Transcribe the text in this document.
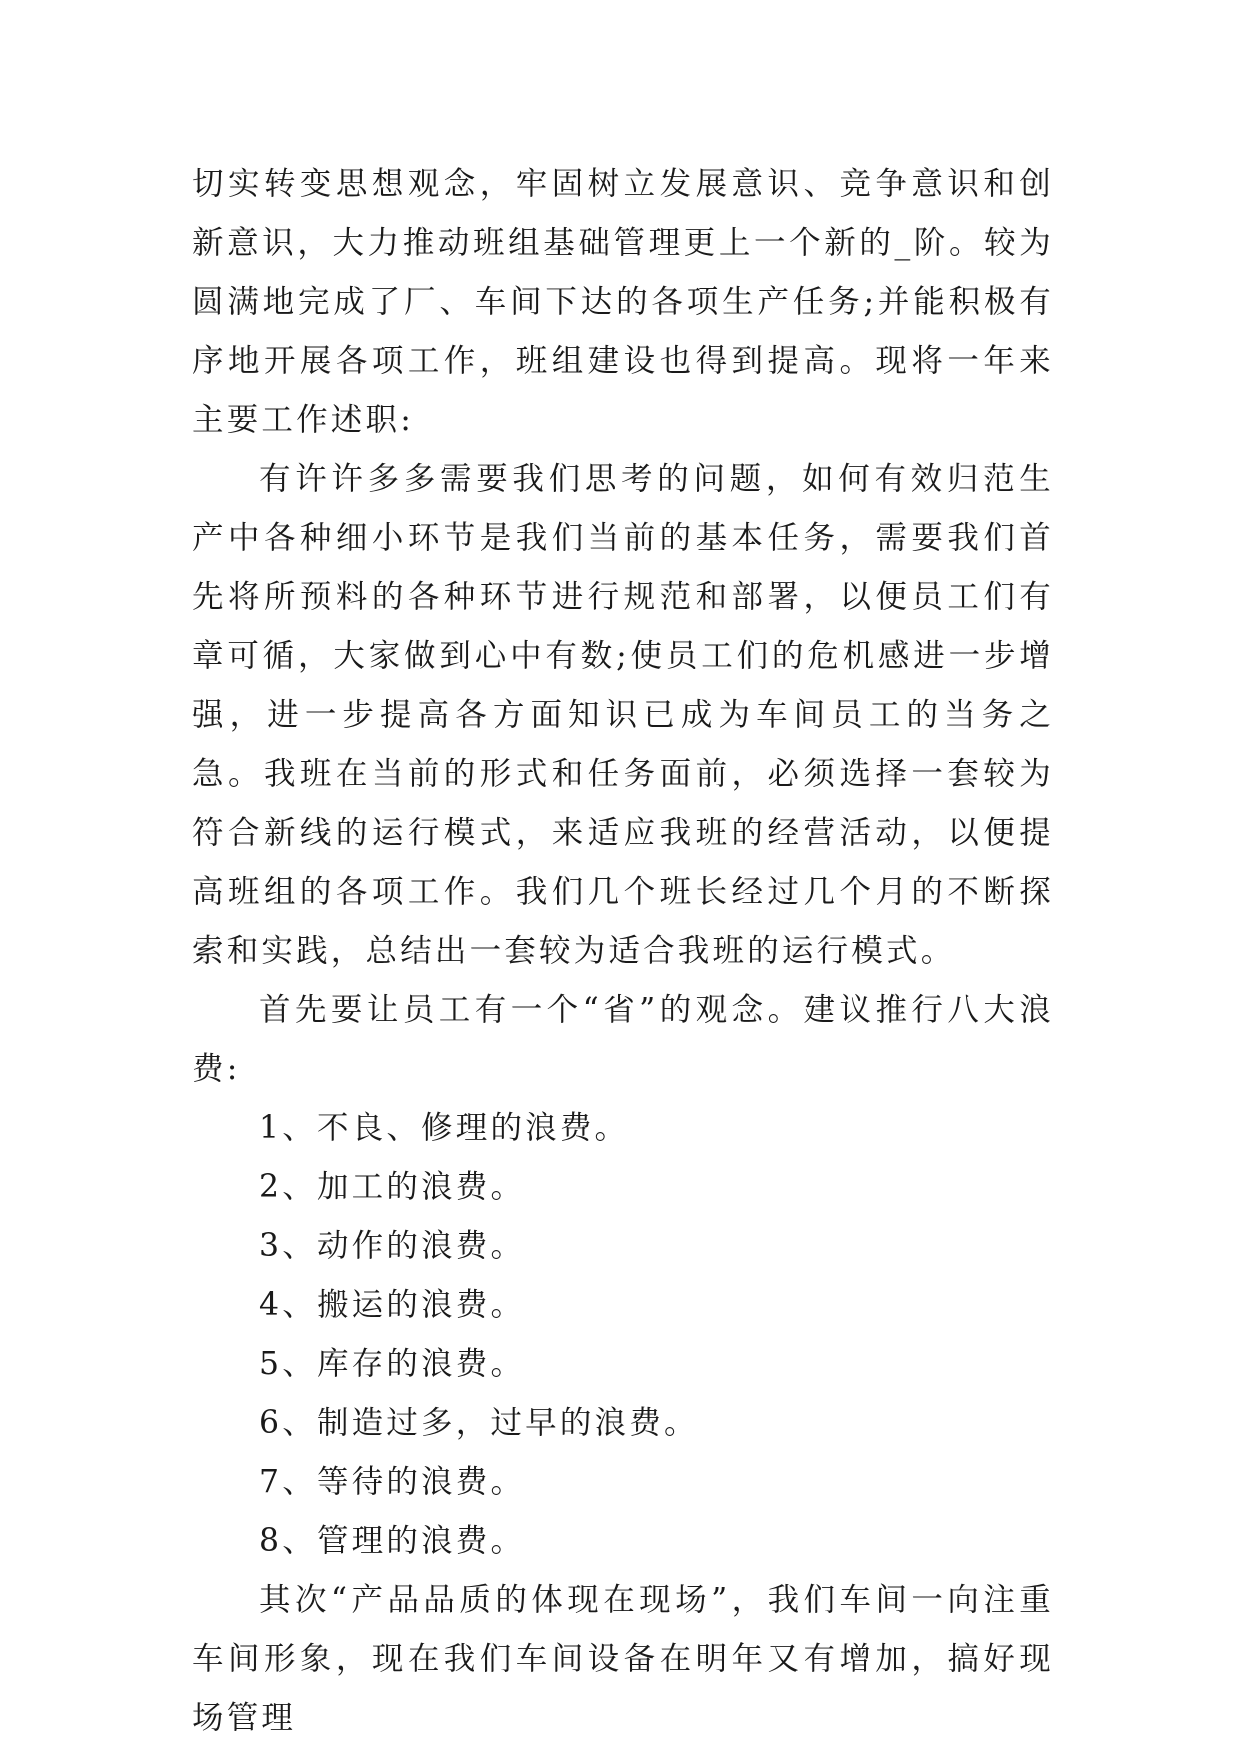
切实转变思想观念，牢固树立发展意识、竞争意识和创新意识，大力推动班组基础管理更上一个新的_阶。较为圆满地完成了厂、车间下达的各项生产任务;并能积极有序地开展各项工作，班组建设也得到提高。现将一年来主要工作述职:

有许许多多需要我们思考的问题，如何有效归范生产中各种细小环节是我们当前的基本任务，需要我们首先将所预料的各种环节进行规范和部署，以便员工们有章可循，大家做到心中有数;使员工们的危机感进一步增强，进一步提高各方面知识已成为车间员工的当务之急。我班在当前的形式和任务面前，必须选择一套较为符合新线的运行模式，来适应我班的经营活动，以便提高班组的各项工作。我们几个班长经过几个月的不断探索和实践，总结出一套较为适合我班的运行模式。

首先要让员工有一个“省”的观念。建议推行八大浪费:

1、不良、修理的浪费。

2、加工的浪费。

3、动作的浪费。

4、搬运的浪费。

5、库存的浪费。

6、制造过多，过早的浪费。

7、等待的浪费。

8、管理的浪费。

其次“产品品质的体现在现场”，我们车间一向注重车间形象，现在我们车间设备在明年又有增加，搞好现场管理
